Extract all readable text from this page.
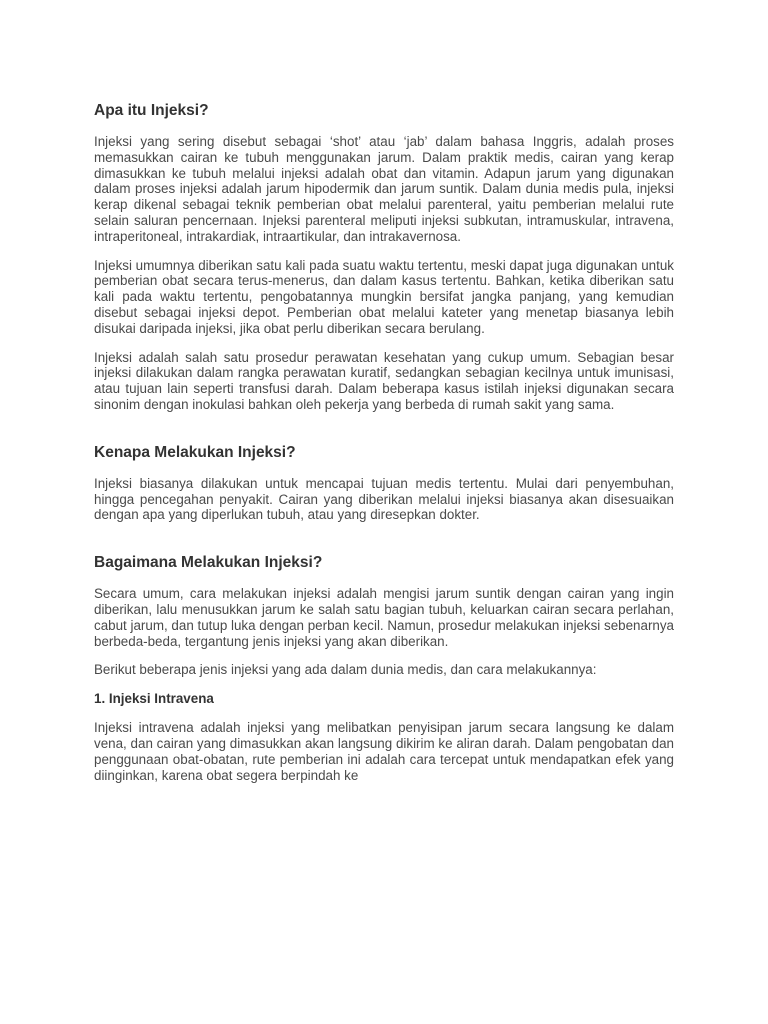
Apa itu Injeksi?

Injeksi yang sering disebut sebagai ‘shot’ atau ‘jab’ dalam bahasa Inggris, adalah proses memasukkan cairan ke tubuh menggunakan jarum. Dalam praktik medis, cairan yang kerap dimasukkan ke tubuh melalui injeksi adalah obat dan vitamin. Adapun jarum yang digunakan dalam proses injeksi adalah jarum hipodermik dan jarum suntik. Dalam dunia medis pula, injeksi kerap dikenal sebagai teknik pemberian obat melalui parenteral, yaitu pemberian melalui rute selain saluran pencernaan. Injeksi parenteral meliputi injeksi subkutan, intramuskular, intravena, intraperitoneal, intrakardiak, intraartikular, dan intrakavernosa.

Injeksi umumnya diberikan satu kali pada suatu waktu tertentu, meski dapat juga digunakan untuk pemberian obat secara terus-menerus, dan dalam kasus tertentu. Bahkan, ketika diberikan satu kali pada waktu tertentu, pengobatannya mungkin bersifat jangka panjang, yang kemudian disebut sebagai injeksi depot. Pemberian obat melalui kateter yang menetap biasanya lebih disukai daripada injeksi, jika obat perlu diberikan secara berulang.

Injeksi adalah salah satu prosedur perawatan kesehatan yang cukup umum. Sebagian besar injeksi dilakukan dalam rangka perawatan kuratif, sedangkan sebagian kecilnya untuk imunisasi, atau tujuan lain seperti transfusi darah. Dalam beberapa kasus istilah injeksi digunakan secara sinonim dengan inokulasi bahkan oleh pekerja yang berbeda di rumah sakit yang sama.

Kenapa Melakukan Injeksi?

Injeksi biasanya dilakukan untuk mencapai tujuan medis tertentu. Mulai dari penyembuhan, hingga pencegahan penyakit. Cairan yang diberikan melalui injeksi biasanya akan disesuaikan dengan apa yang diperlukan tubuh, atau yang diresepkan dokter.

Bagaimana Melakukan Injeksi?

Secara umum, cara melakukan injeksi adalah mengisi jarum suntik dengan cairan yang ingin diberikan, lalu menusukkan jarum ke salah satu bagian tubuh, keluarkan cairan secara perlahan, cabut jarum, dan tutup luka dengan perban kecil. Namun, prosedur melakukan injeksi sebenarnya berbeda-beda, tergantung jenis injeksi yang akan diberikan.

Berikut beberapa jenis injeksi yang ada dalam dunia medis, dan cara melakukannya:

1. Injeksi Intravena

Injeksi intravena adalah injeksi yang melibatkan penyisipan jarum secara langsung ke dalam vena, dan cairan yang dimasukkan akan langsung dikirim ke aliran darah. Dalam pengobatan dan penggunaan obat-obatan, rute pemberian ini adalah cara tercepat untuk mendapatkan efek yang diinginkan, karena obat segera berpindah ke
